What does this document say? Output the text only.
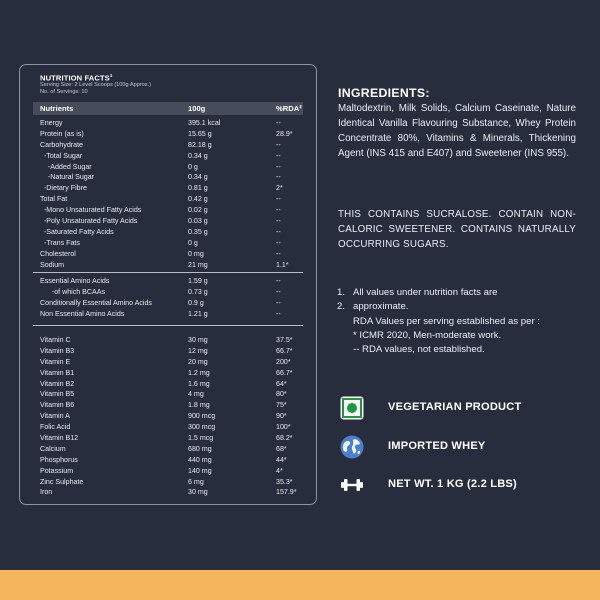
NUTRITION FACTS$^1$
Serving Size: 2 Level Scoops (100g Approx.)
No. of Servings: 10
Nutrients	100g	%RDA²
Energy	395.1 kcal	--
Protein (as is)	15.65 g	28.9*
Carbohydrate	82.18 g	--
-Total Sugar	0.34 g	--
-Added Sugar	0 g	--
-Natural Sugar	0.34 g	--
-Dietary Fibre	0.81 g	2*
Total Fat	0.42 g	--
-Mono Unsaturated Fatty Acids	0.02 g	--
-Poly Unsaturated Fatty Acids	0.03 g	--
-Saturated Fatty Acids	0.35 g	--
-Trans Fats	0 g	--
Cholesterol	0 mg	--
Sodium	21 mg	1.1*
Essential Amino Acids	1.59 g	--
-of which BCAAs	0.73 g	--
Conditionally Essential Amino Acids	0.9 g	--
Non Essential Amino Acids	1.21 g	--
Vitamin C	30 mg	37.5*
Vitamin B3	12 mg	66.7*
Vitamin E	20 mg	200*
Vitamin B1	1.2 mg	66.7*
Vitamin B2	1.6 mg	64*
Vitamin B5	4 mg	80*
Vitamin B6	1.8 mg	75*
Vitamin A	900 mcg	90*
Folic Acid	300 mcg	100*
Vitamin B12	1.5 mcg	68.2*
Calcium	680 mg	68*
Phosphorus	440 mg	44*
Potassium	140 mg	4*
Zinc Sulphate	6 mg	35.3*
Iron	30 mg	157.9*
INGREDIENTS:
Maltodextrin, Milk Solids, Calcium Caseinate, Nature Identical Vanilla Flavouring Substance, Whey Protein Concentrate 80%, Vitamins & Minerals, Thickening Agent (INS 415 and E407) and Sweetener (INS 955).
THIS CONTAINS SUCRALOSE. CONTAIN NON-CALORIC SWEETENER. CONTAINS NATURALLY OCCURRING SUGARS.
1. All values under nutrition facts are
2. approximate.
RDA Values per serving established as per :
* ICMR 2020, Men-moderate work.
-- RDA values, not established.
VEGETARIAN PRODUCT
IMPORTED WHEY
NET WT. 1 KG (2.2 LBS)
